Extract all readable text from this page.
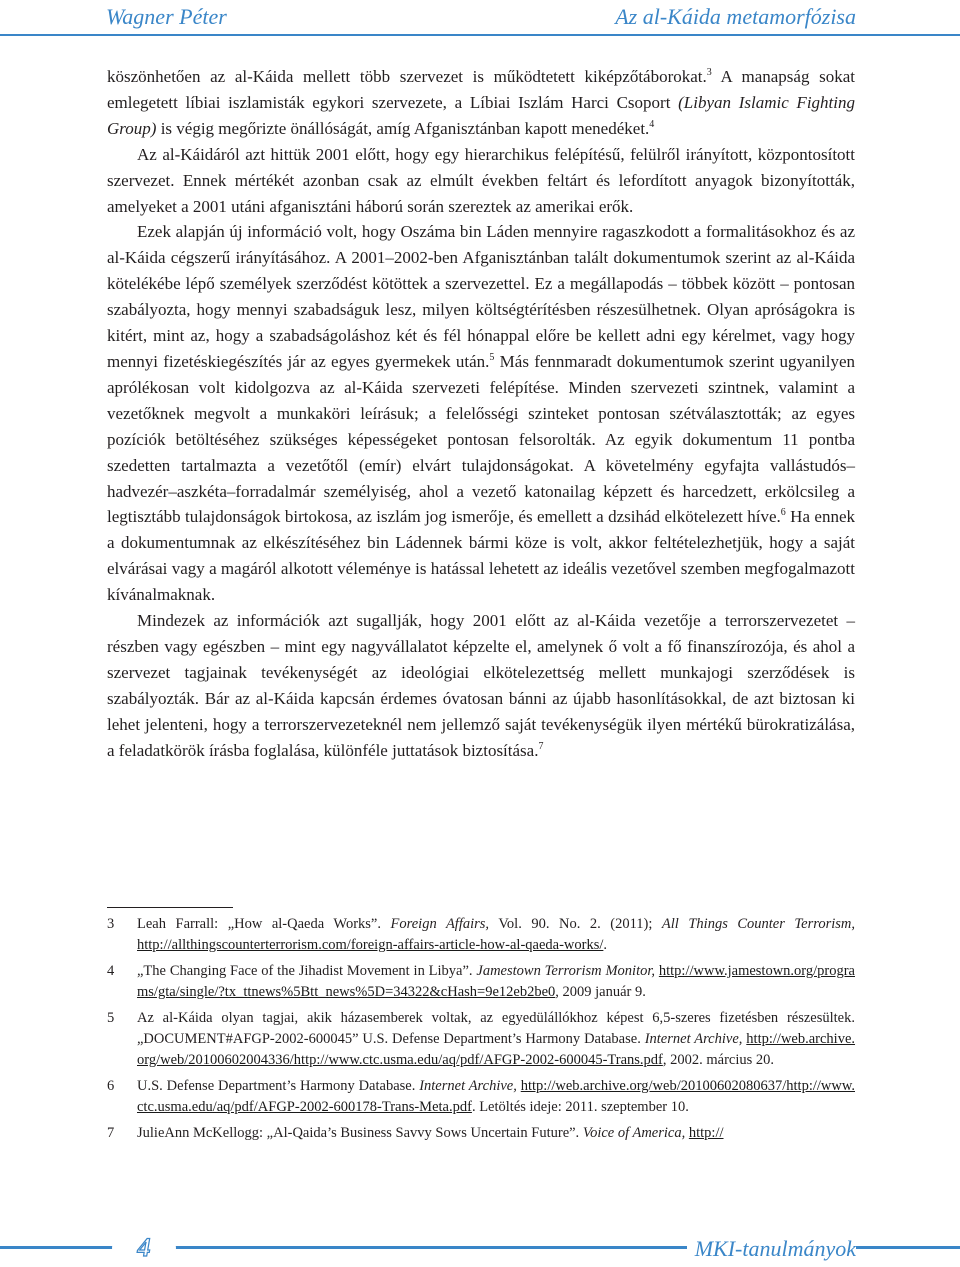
Wagner Péter	Az al-Káida metamorfózisa

köszönhetően az al-Káida mellett több szervezet is működtetett kiképzőtáborokat.$^3$ A manapság sokat emlegetett líbiai iszlamisták egykori szervezete, a Líbiai Iszlám Harci Csoport (Libyan Islamic Fighting Group) is végig megőrizte önállóságát, amíg Afganisztánban kapott menedéket.$^4$

Az al-Káidáról azt hittük 2001 előtt, hogy egy hierarchikus felépítésű, felülről irányított, központosított szervezet. Ennek mértékét azonban csak az elmúlt években feltárt és lefordított anyagok bizonyították, amelyeket a 2001 utáni afganisztáni háború során szereztek az amerikai erők.

Ezek alapján új információ volt, hogy Oszáma bin Láden mennyire ragaszkodott a formalitásokhoz és az al-Káida cégszerű irányításához. A 2001–2002-ben Afganisztánban talált dokumentumok szerint az al-Káida kötelékébe lépő személyek szerződést kötöttek a szervezettel. Ez a megállapodás – többek között – pontosan szabályozta, hogy mennyi szabadságuk lesz, milyen költségtérítésben részesülhetnek. Olyan apróságokra is kitért, mint az, hogy a szabadságoláshoz két és fél hónappal előre be kellett adni egy kérelmet, vagy hogy mennyi fizetéskiegészítés jár az egyes gyermekek után.$^5$ Más fennmaradt dokumentumok szerint ugyanilyen aprólékosan volt kidolgozva az al-Káida szervezeti felépítése. Minden szervezeti szintnek, valamint a vezetőknek megvolt a munkaköri leírásuk; a felelősségi szinteket pontosan szétválasztották; az egyes pozíciók betöltéséhez szükséges képességeket pontosan felsorolták. Az egyik dokumentum 11 pontba szedetten tartalmazta a vezetőtől (emír) elvárt tulajdonságokat. A követelmény egyfajta vallástudós–hadvezér–aszkéta–forradalmár személyiség, ahol a vezető katonailag képzett és harcedzett, erkölcsileg a legtisztább tulajdonságok birtokosa, az iszlám jog ismerője, és emellett a dzsihád elkötelezett híve.$^6$ Ha ennek a dokumentumnak az elkészítéséhez bin Ládennek bármi köze is volt, akkor feltételezhetjük, hogy a saját elvárásai vagy a magáról alkotott véleménye is hatással lehetett az ideális vezetővel szemben megfogalmazott kívánalmaknak.

Mindezek az információk azt sugallják, hogy 2001 előtt az al-Káida vezetője a terrorszervezetet – részben vagy egészben – mint egy nagyvállalatot képzelte el, amelynek ő volt a fő finanszírozója, és ahol a szervezet tagjainak tevékenységét az ideológiai elkötelezettség mellett munkajogi szerződések is szabályozták. Bár az al-Káida kapcsán érdemes óvatosan bánni az újabb hasonlításokkal, de azt biztosan ki lehet jelenteni, hogy a terrorszervezeteknél nem jellemző saját tevékenységük ilyen mértékű bürokratizálása, a feladatkörök írásba foglalása, különféle juttatások biztosítása.$^7$

3 Leah Farrall: „How al-Qaeda Works”. Foreign Affairs, Vol. 90. No. 2. (2011); All Things Counter Terrorism, http://allthingscounterterrorism.com/foreign-affairs-article-how-al-qaeda-works/.
4 „The Changing Face of the Jihadist Movement in Libya”. Jamestown Terrorism Monitor, http://www.jamestown.org/programs/gta/single/?tx_ttnews%5Btt_news%5D=34322&cHash=9e12eb2be0, 2009 január 9.
5 Az al-Káida olyan tagjai, akik házasemberek voltak, az egyedülállókhoz képest 6,5-szeres fizetésben részesültek. „DOCUMENT#AFGP-2002-600045” U.S. Defense Department’s Harmony Database. Internet Archive, http://web.archive.org/web/20100602004336/http://www.ctc.usma.edu/aq/pdf/AFGP-2002-600045-Trans.pdf, 2002. március 20.
6 U.S. Defense Department’s Harmony Database. Internet Archive, http://web.archive.org/web/20100602080637/http://www.ctc.usma.edu/aq/pdf/AFGP-2002-600178-Trans-Meta.pdf. Letöltés ideje: 2011. szeptember 10.
7 JulieAnn McKellogg: „Al-Qaida’s Business Savvy Sows Uncertain Future”. Voice of America, http://
4	MKI-tanulmányok
